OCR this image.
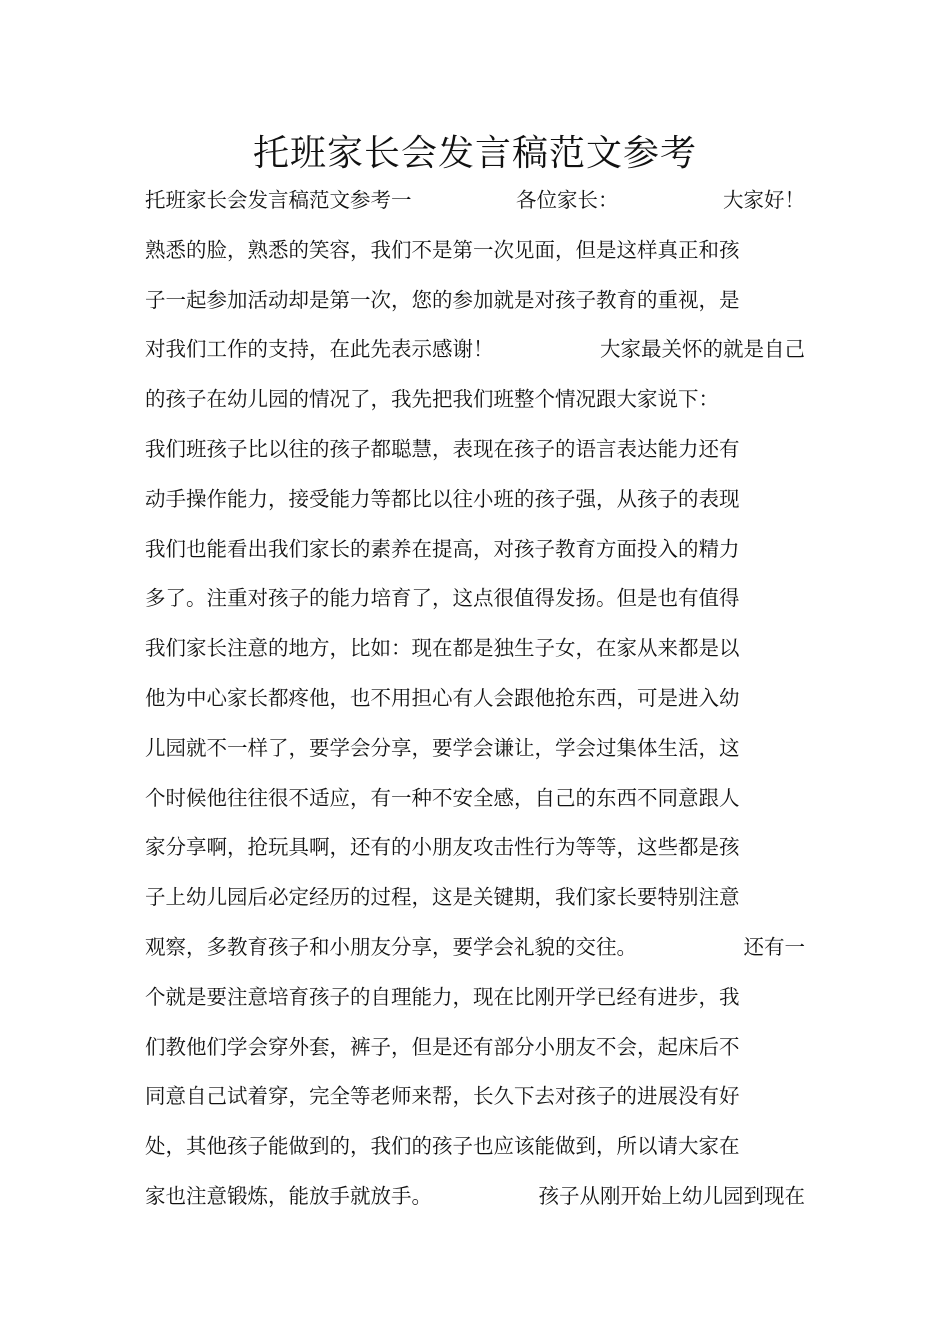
托班家长会发言稿范文参考
托班家长会发言稿范文参考一	各位家长：	大家好！
熟悉的脸，熟悉的笑容，我们不是第一次见面，但是这样真正和孩
子一起参加活动却是第一次，您的参加就是对孩子教育的重视，是
对我们工作的支持，在此先表示感谢！	大家最关怀的就是自己
的孩子在幼儿园的情况了，我先把我们班整个情况跟大家说下：
我们班孩子比以往的孩子都聪慧，表现在孩子的语言表达能力还有
动手操作能力，接受能力等都比以往小班的孩子强，从孩子的表现
我们也能看出我们家长的素养在提高，对孩子教育方面投入的精力
多了。注重对孩子的能力培育了，这点很值得发扬。但是也有值得
我们家长注意的地方，比如：现在都是独生子女，在家从来都是以
他为中心家长都疼他，也不用担心有人会跟他抢东西，可是进入幼
儿园就不一样了，要学会分享，要学会谦让，学会过集体生活，这
个时候他往往很不适应，有一种不安全感，自己的东西不同意跟人
家分享啊，抢玩具啊，还有的小朋友攻击性行为等等，这些都是孩
子上幼儿园后必定经历的过程，这是关键期，我们家长要特别注意
观察，多教育孩子和小朋友分享，要学会礼貌的交往。	还有一
个就是要注意培育孩子的自理能力，现在比刚开学已经有进步，我
们教他们学会穿外套，裤子，但是还有部分小朋友不会，起床后不
同意自己试着穿，完全等老师来帮，长久下去对孩子的进展没有好
处，其他孩子能做到的，我们的孩子也应该能做到，所以请大家在
家也注意锻炼，能放手就放手。	孩子从刚开始上幼儿园到现在
